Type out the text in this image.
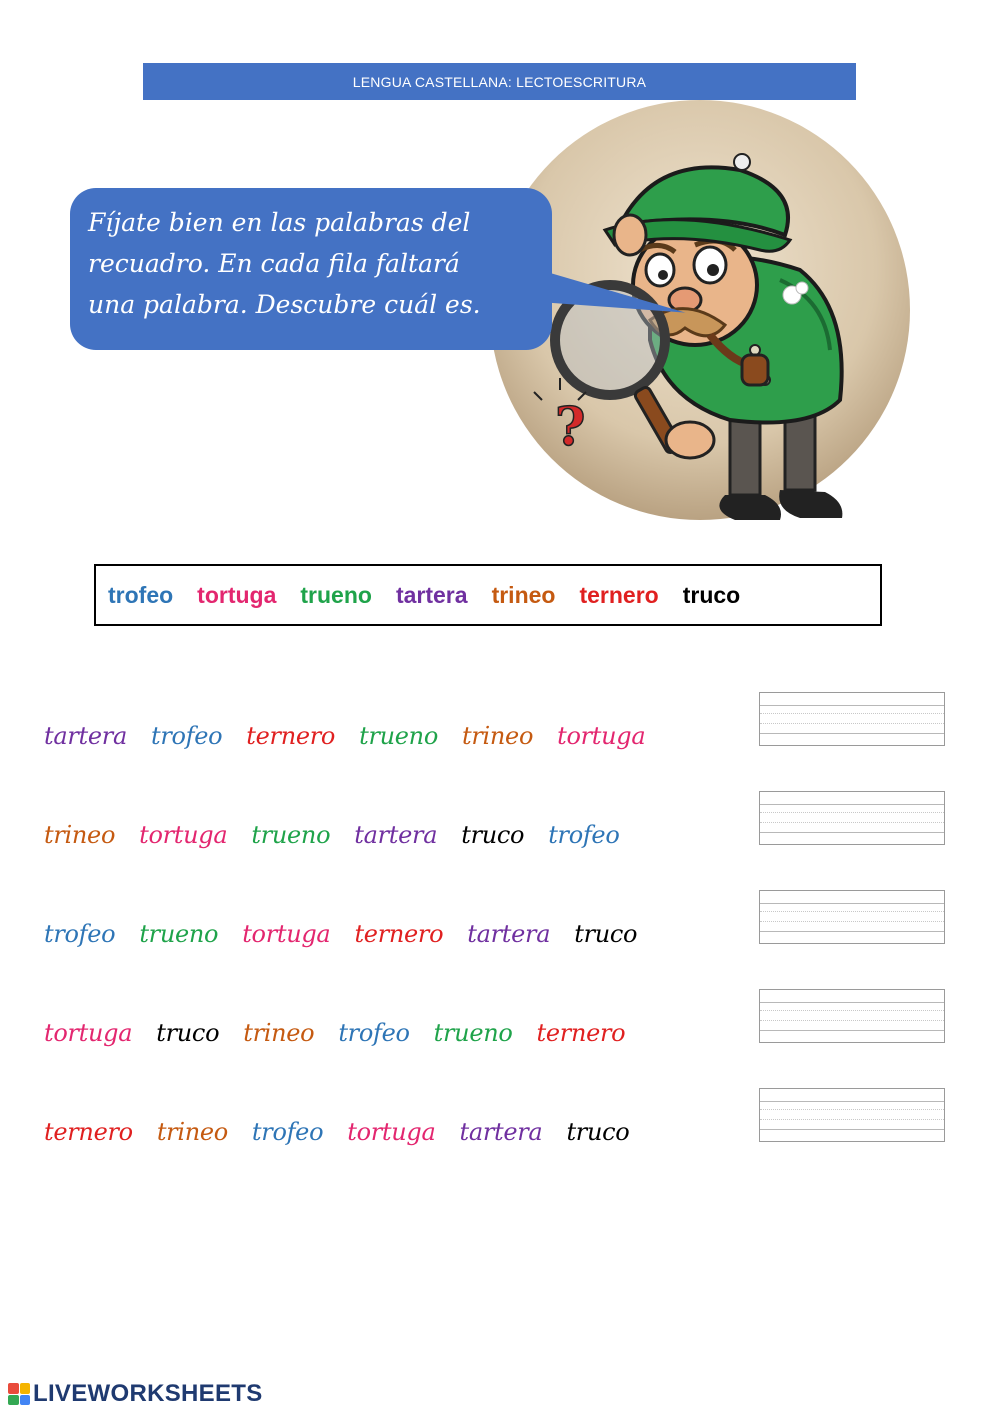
LENGUA CASTELLANA: LECTOESCRITURA
?
Fíjate bien en las palabras del
recuadro. En cada fila faltará
una palabra. Descubre cuál es.
trofeo tortuga trueno tartera trineo ternero truco
tartera trofeo ternero trueno trineo tortuga
trineo tortuga trueno tartera truco trofeo
trofeo trueno tortuga ternero tartera truco
tortuga truco trineo trofeo trueno ternero
ternero trineo trofeo tortuga tartera truco
LIVEWORKSHEETS
